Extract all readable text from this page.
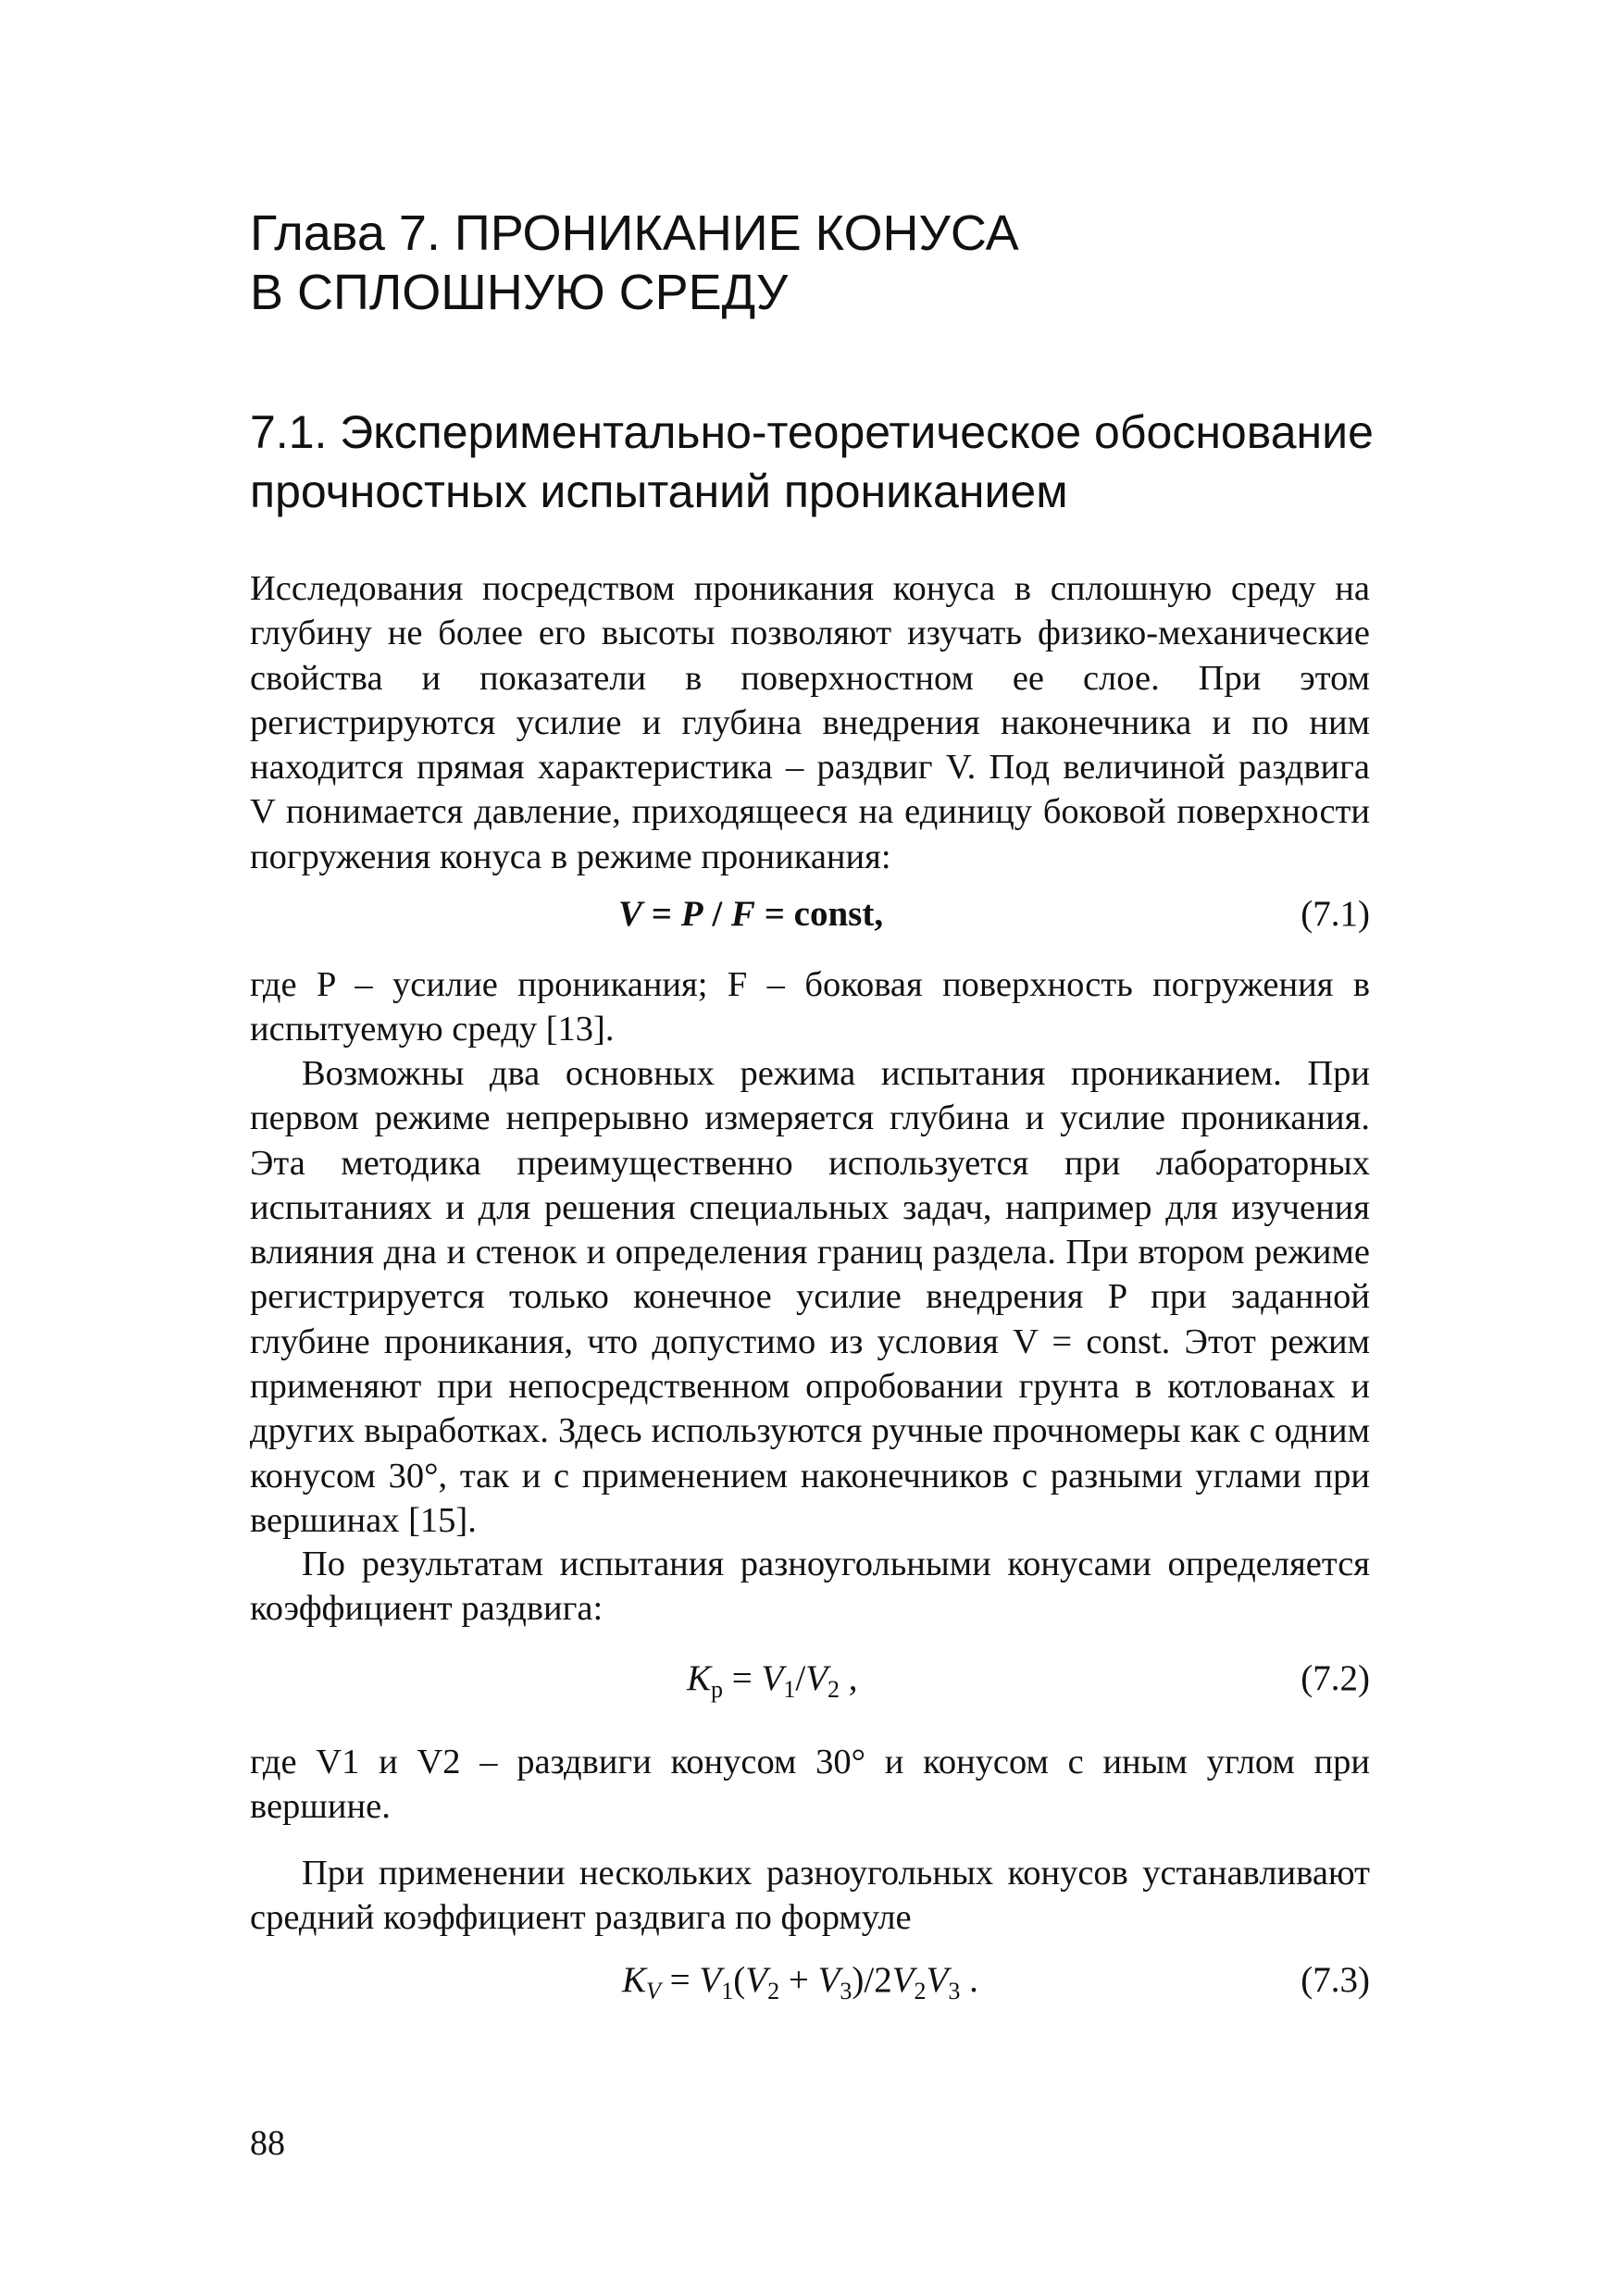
Глава 7. ПРОНИКАНИЕ КОНУСА
В СПЛОШНУЮ СРЕДУ
7.1. Экспериментально-теоретическое обоснование
прочностных испытаний прониканием

Исследования посредством проникания конуса в сплошную среду на глубину не более его высоты позволяют изучать физико-механические свойства и показатели в поверхностном ее слое. При этом регистрируются усилие и глубина внедрения наконечника и по ним находится прямая характеристика – раздвиг V. Под величиной раздвига V понимается давление, приходящееся на единицу боковой поверхности погружения конуса в режиме проникания:

V = P / F = const,	(7.1)

где P – усилие проникания; F – боковая поверхность погружения в испытуемую среду [13].

Возможны два основных режима испытания прониканием. При первом режиме непрерывно измеряется глубина и усилие проникания. Эта методика преимущественно используется при лабораторных испытаниях и для решения специальных задач, например для изучения влияния дна и стенок и определения границ раздела. При втором режиме регистрируется только конечное усилие внедрения P при заданной глубине проникания, что допустимо из условия V = const. Этот режим применяют при непосредственном опробовании грунта в котлованах и других выработках. Здесь используются ручные прочномеры как с одним конусом 30°, так и с применением наконечников с разными углами при вершинах [15].

По результатам испытания разноугольными конусами определяется коэффициент раздвига:

$K_р = V_1/V_2$ ,	(7.2)

где V1 и V2 – раздвиги конусом 30° и конусом с иным углом при вершине.

При применении нескольких разноугольных конусов устанавливают средний коэффициент раздвига по формуле

$K_V = V_1(V_2 + V_3)/2V_2V_3$ .	(7.3)
88
